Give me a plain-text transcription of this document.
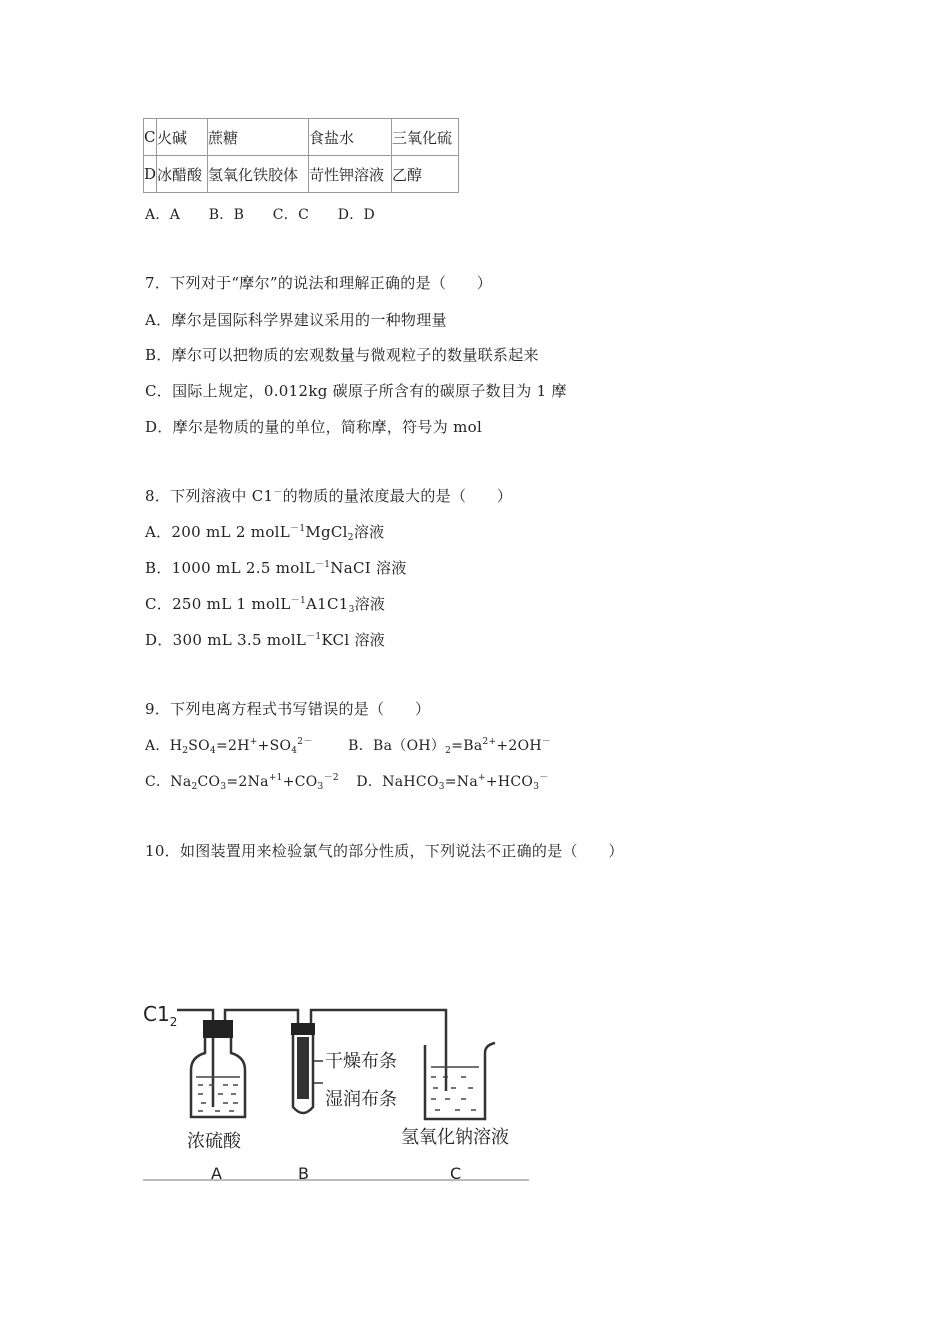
C	火碱	蔗糖	食盐水	三氧化硫
D	冰醋酸	氢氧化铁胶体	苛性钾溶液	乙醇
A．A　　B．B　　C．C　　D．D
7．下列对于“摩尔”的说法和理解正确的是（　　）
A．摩尔是国际科学界建议采用的一种物理量
B．摩尔可以把物质的宏观数量与微观粒子的数量联系起来
C．国际上规定，0.012kg 碳原子所含有的碳原子数目为 1 摩
D．摩尔是物质的量的单位，简称摩，符号为 mol
8．下列溶液中 C1－的物质的量浓度最大的是（　　）
A．200 mL 2 molL$^{-1}$MgCl$_2$溶液
B．1000 mL 2.5 molL$^{-1}$NaCI 溶液
C．250 mL 1 $molL^{-1}A1C1_3$溶液
D．300 mL 3.5 molL$^{-1}$KCl 溶液
9．下列电离方程式书写错误的是（　　）
A．$H_2SO_4=2H^++SO_4^{2-}$	B．$Ba(OH)_2=Ba^{2+}+2OH^-$
C．$Na_2CO_3=2Na^{+1}+CO_3^{-2}$ D．$NaHCO_3=Na^++HCO_3^-$
10．如图装置用来检验氯气的部分性质，下列说法不正确的是（　　）
$C1_2$
干燥布条
湿润布条
浓硫酸	氢氧化钠溶液
A	B	C
